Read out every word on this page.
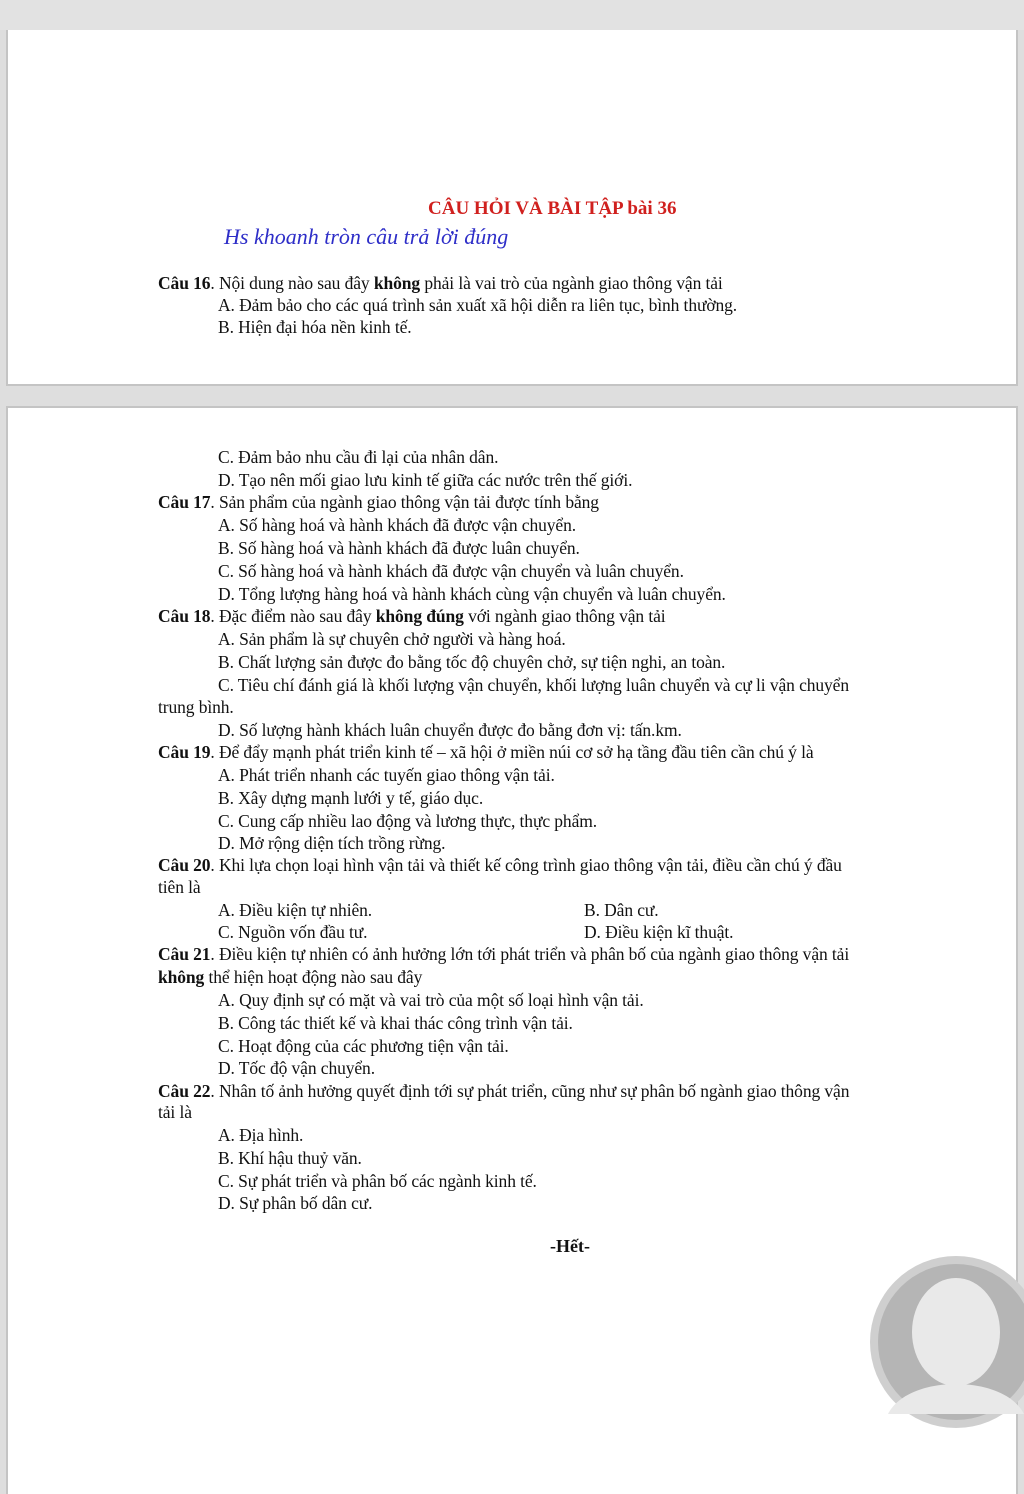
CÂU HỎI VÀ BÀI TẬP bài 36
Hs khoanh tròn câu trả lời đúng
Câu 16. Nội dung nào sau đây không phải là vai trò của ngành giao thông vận tải
A. Đảm bảo cho các quá trình sản xuất xã hội diễn ra liên tục, bình thường.
B. Hiện đại hóa nền kinh tế.
C. Đảm bảo nhu cầu đi lại của nhân dân.
D. Tạo nên mối giao lưu kinh tế giữa các nước trên thế giới.
Câu 17. Sản phẩm của ngành giao thông vận tải được tính bằng
A. Số hàng hoá và hành khách đã được vận chuyển.
B. Số hàng hoá và hành khách đã được luân chuyển.
C. Số hàng hoá và hành khách đã được vận chuyển và luân chuyển.
D. Tổng lượng hàng hoá và hành khách cùng vận chuyển và luân chuyển.
Câu 18. Đặc điểm nào sau đây không đúng với ngành giao thông vận tải
A. Sản phẩm là sự chuyên chở người và hàng hoá.
B. Chất lượng sản được đo bằng tốc độ chuyên chở, sự tiện nghi, an toàn.
C. Tiêu chí đánh giá là khối lượng vận chuyển, khối lượng luân chuyển và cự li vận chuyển
trung bình.
D. Số lượng hành khách luân chuyển được đo bằng đơn vị: tấn.km.
Câu 19. Để đẩy mạnh phát triển kinh tế – xã hội ở miền núi cơ sở hạ tầng đầu tiên cần chú ý là
A. Phát triển nhanh các tuyến giao thông vận tải.
B. Xây dựng mạnh lưới y tế, giáo dục.
C. Cung cấp nhiều lao động và lương thực, thực phẩm.
D. Mở rộng diện tích trồng rừng.
Câu 20. Khi lựa chọn loại hình vận tải và thiết kế công trình giao thông vận tải, điều cần chú ý đầu
tiên là
A. Điều kiện tự nhiên.	B. Dân cư.
C. Nguồn vốn đầu tư.	D. Điều kiện kĩ thuật.
Câu 21. Điều kiện tự nhiên có ảnh hưởng lớn tới phát triển và phân bố của ngành giao thông vận tải
không thể hiện hoạt động nào sau đây
A. Quy định sự có mặt và vai trò của một số loại hình vận tải.
B. Công tác thiết kế và khai thác công trình vận tải.
C. Hoạt động của các phương tiện vận tải.
D. Tốc độ vận chuyển.
Câu 22. Nhân tố ảnh hưởng quyết định tới sự phát triển, cũng như sự phân bố ngành giao thông vận
tải là
A. Địa hình.
B. Khí hậu thuỷ văn.
C. Sự phát triển và phân bố các ngành kinh tế.
D. Sự phân bố dân cư.
-Hết-
